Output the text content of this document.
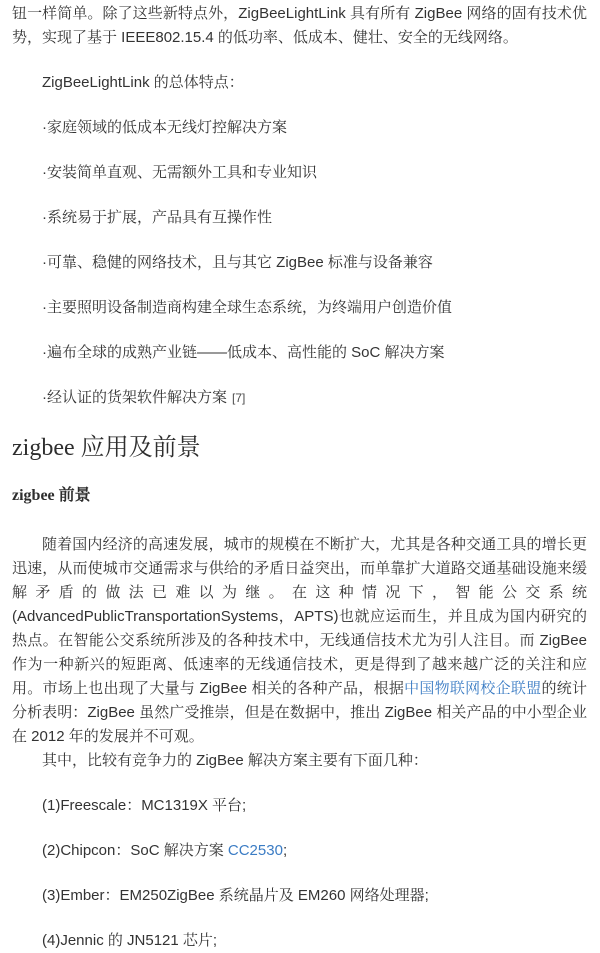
钮一样简单。除了这些新特点外，ZigBeeLightLink 具有所有 ZigBee 网络的固有技术优势，实现了基于 IEEE802.15.4 的低功率、低成本、健壮、安全的无线网络。

ZigBeeLightLink 的总体特点：

·家庭领域的低成本无线灯控解决方案

·安装简单直观、无需额外工具和专业知识

·系统易于扩展，产品具有互操作性

·可靠、稳健的网络技术，且与其它 ZigBee 标准与设备兼容

·主要照明设备制造商构建全球生态系统，为终端用户创造价值

·遍布全球的成熟产业链——低成本、高性能的 SoC 解决方案

·经认证的货架软件解决方案 [7]

zigbee 应用及前景
zigbee 前景

随着国内经济的高速发展，城市的规模在不断扩大，尤其是各种交通工具的增长更迅速，从而使城市交通需求与供给的矛盾日益突出，而单靠扩大道路交通基础设施来缓解矛盾的做法已难以为继。在这种情况下，智能公交系统(AdvancedPublicTransportationSystems，APTS)也就应运而生，并且成为国内研究的热点。在智能公交系统所涉及的各种技术中，无线通信技术尤为引人注目。而 ZigBee 作为一种新兴的短距离、低速率的无线通信技术，更是得到了越来越广泛的关注和应用。市场上也出现了大量与 ZigBee 相关的各种产品，根据中国物联网校企联盟的统计分析表明：ZigBee 虽然广受推崇，但是在数据中，推出 ZigBee 相关产品的中小型企业在 2012 年的发展并不可观。

其中，比较有竞争力的 ZigBee 解决方案主要有下面几种：

(1)Freescale：MC1319X 平台;

(2)Chipcon：SoC 解决方案 CC2530;

(3)Ember：EM250ZigBee 系统晶片及 EM260 网络处理器;

(4)Jennic 的 JN5121 芯片;
